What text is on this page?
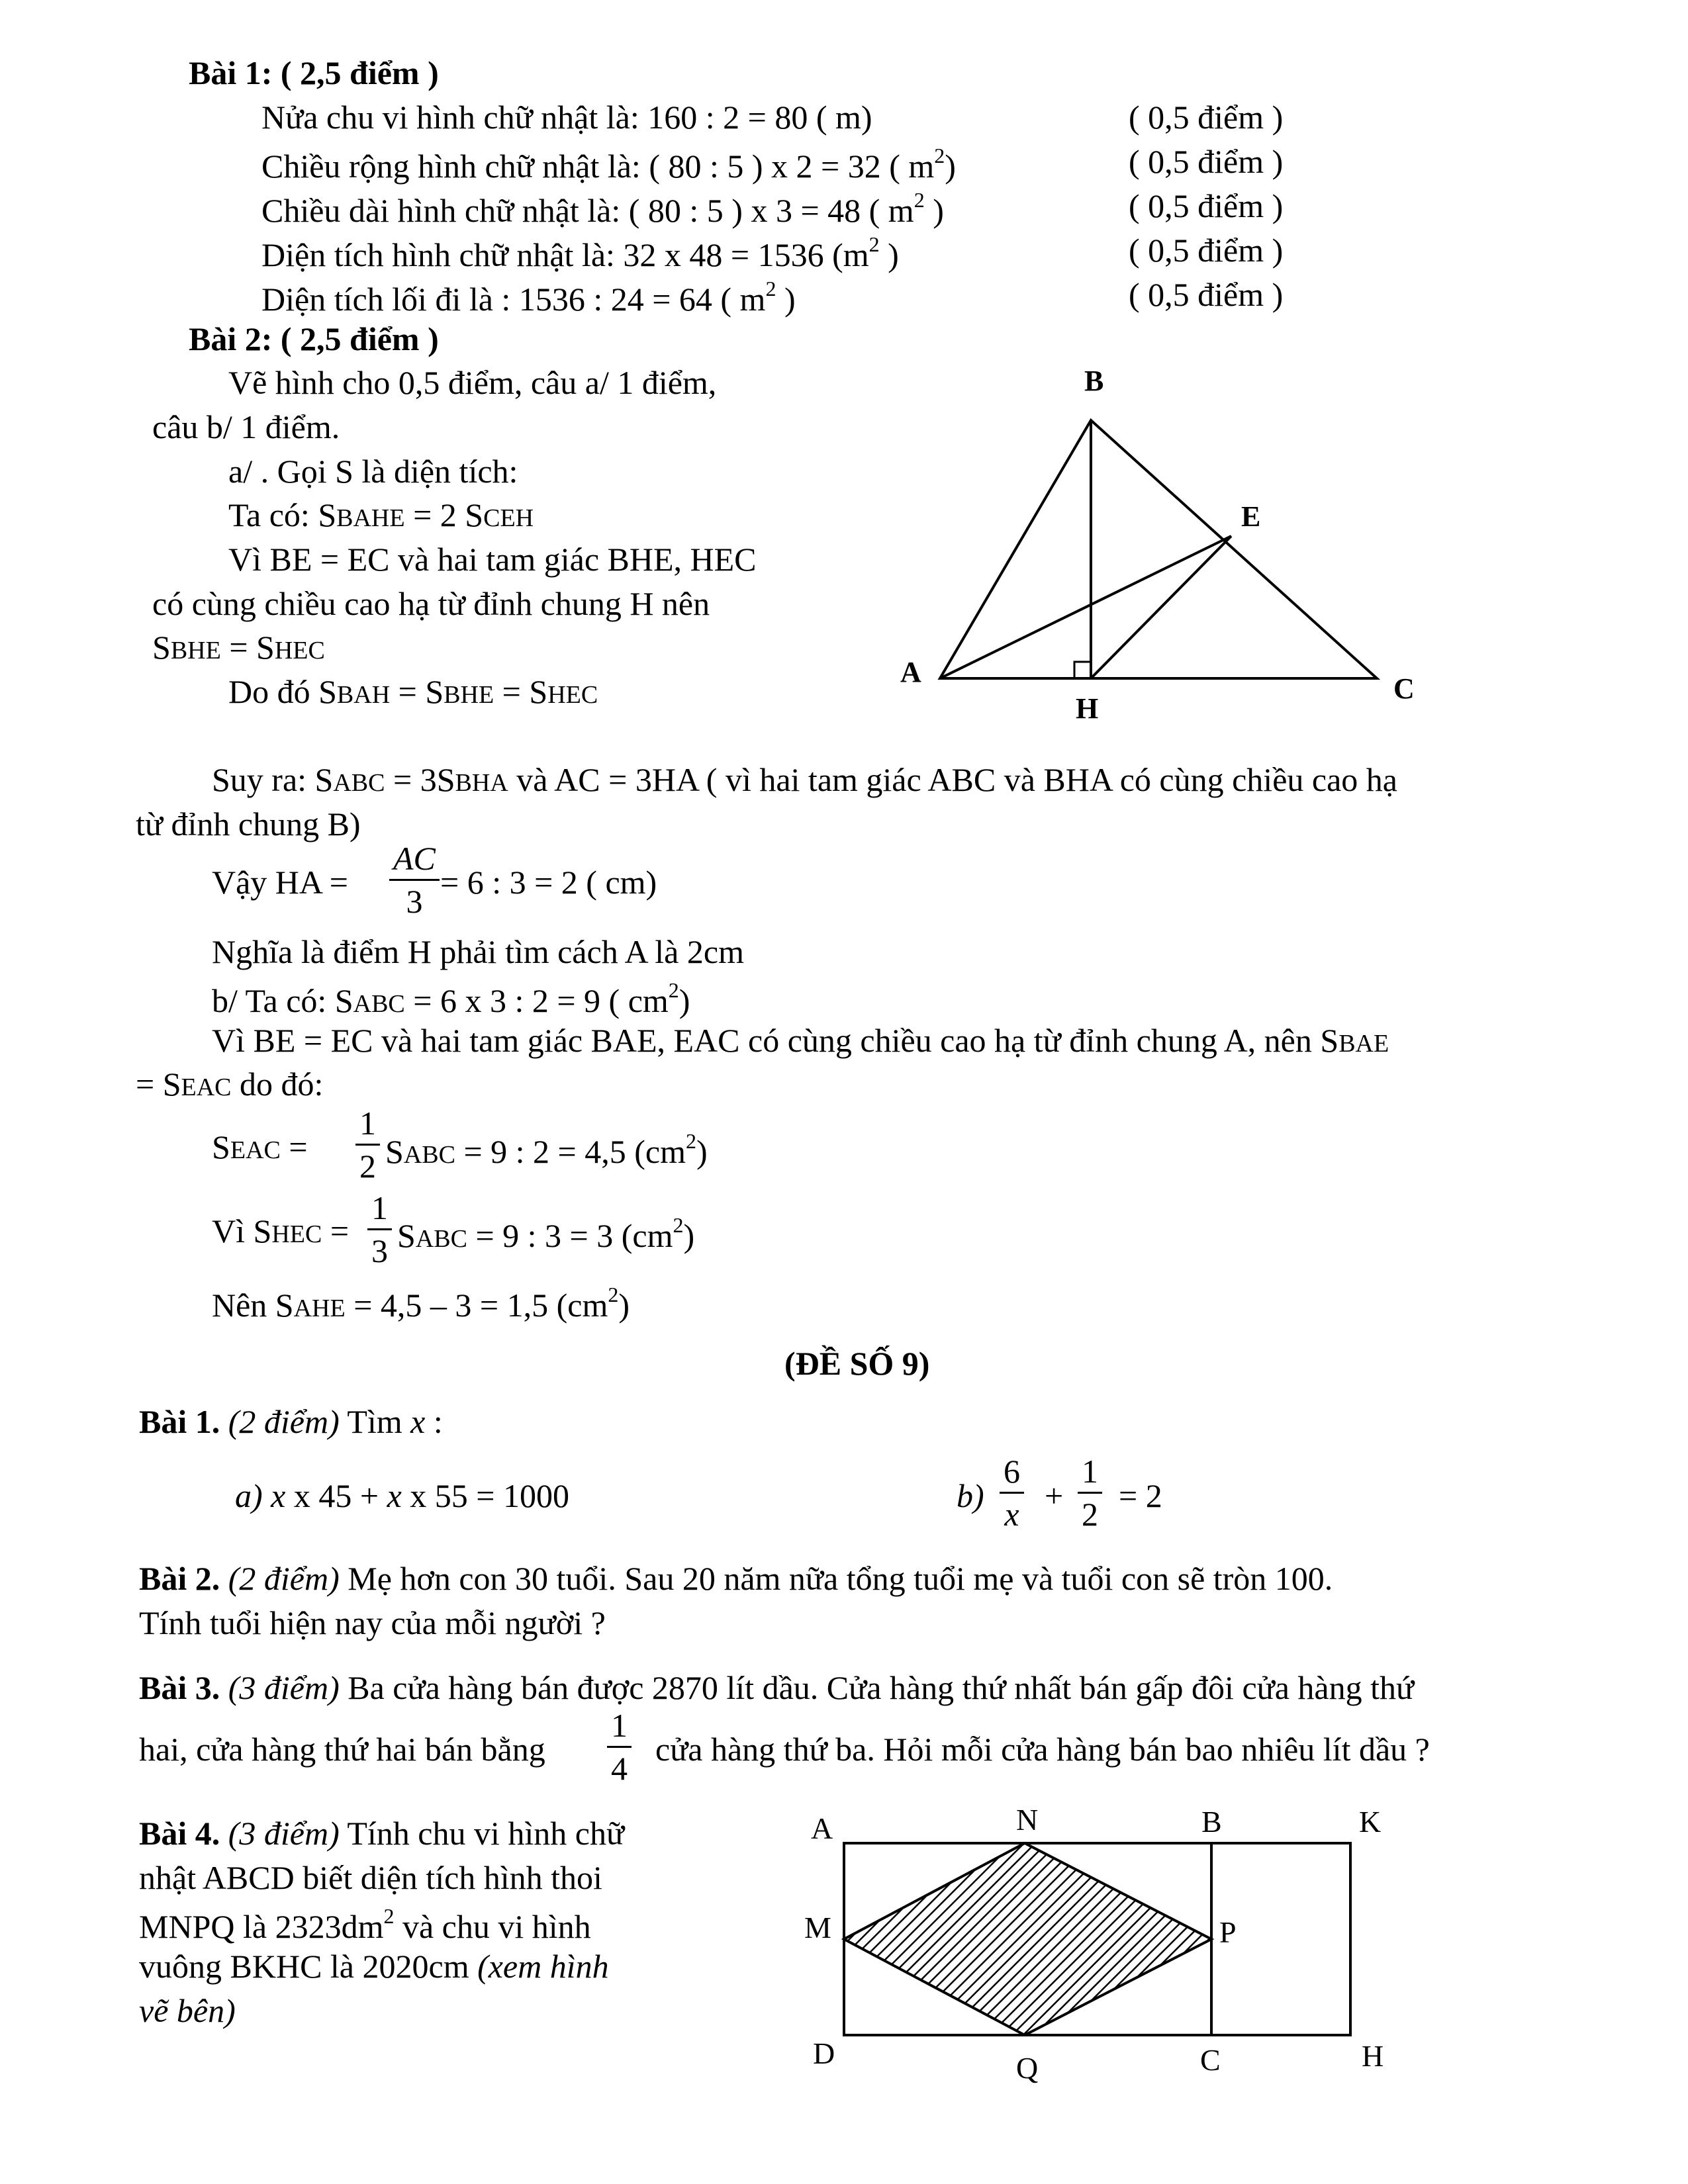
Bài 1: ( 2,5 điểm )
Nửa chu vi hình chữ nhật là: 160 : 2 = 80 ( m)	( 0,5 điểm )
Chiều rộng hình chữ nhật là: ( 80 : 5 ) x 2 = 32 ( $m^2$)	( 0,5 điểm )
Chiều dài hình chữ nhật là: ( 80 : 5 ) x 3 = 48 ( $m^2$ )	( 0,5 điểm )
Diện tích hình chữ nhật là: 32 x 48 = 1536 ($m^2$ )	( 0,5 điểm )
Diện tích lối đi là : 1536 : 24 = 64 ( $m^2$ )	( 0,5 điểm )
Bài 2: ( 2,5 điểm )
Vẽ hình cho 0,5 điểm, câu a/ 1 điểm,
câu b/ 1 điểm.
a/ . Gọi S là diện tích:
Ta có: SBAHE = 2 SCEH
Vì BE = EC và hai tam giác BHE, HEC
có cùng chiều cao hạ từ đỉnh chung H nên
SBHE = SHEC
Do đó SBAH = SBHE = SHEC
B
E
A
C
H
Suy ra: SABC = 3SBHA và AC = 3HA ( vì hai tam giác ABC và BHA có cùng chiều cao hạ
từ đỉnh chung B)
Vậy HA = $\frac{AC}{3} = 6$ : 3 = 2 ( cm)
Nghĩa là điểm H phải tìm cách A là 2cm
b/ Ta có: SABC = 6 x 3 : 2 = 9 ( $cm^2$)
Vì BE = EC và hai tam giác BAE, EAC có cùng chiều cao hạ từ đỉnh chung A, nên SBAE
= SEAC do đó:
SEAC = $\frac{1}{2}$ SABC = 9 : 2 = 4,5 $(cm^2)$
Vì SHEC = $\frac{1}{3}$ SABC = 9 : 3 = 3 $(cm^2)$
Nên SAHE = 4,5 – 3 = 1,5 $(cm^2)$
(ĐỀ SỐ 9)
Bài 1. (2 điểm) Tìm x :
a) x x 45 + x x 55 = 1000	$b) \frac{6}{x} + \frac{1}{2} = 2$
Bài 2. (2 điểm) Mẹ hơn con 30 tuổi. Sau 20 năm nữa tổng tuổi mẹ và tuổi con sẽ tròn 100.
Tính tuổi hiện nay của mỗi người ?
Bài 3. (3 điểm) Ba cửa hàng bán được 2870 lít dầu. Cửa hàng thứ nhất bán gấp đôi cửa hàng thứ
hai, cửa hàng thứ hai bán bằng $\frac{1}{4}$ cửa hàng thứ ba. Hỏi mỗi cửa hàng bán bao nhiêu lít dầu ?
Bài 4. (3 điểm) Tính chu vi hình chữ
nhật ABCD biết diện tích hình thoi
MNPQ là $2323dm^2$ và chu vi hình
vuông BKHC là 2020cm (xem hình
vẽ bên)
A	N	B	K
M	P
D	Q	C	H
